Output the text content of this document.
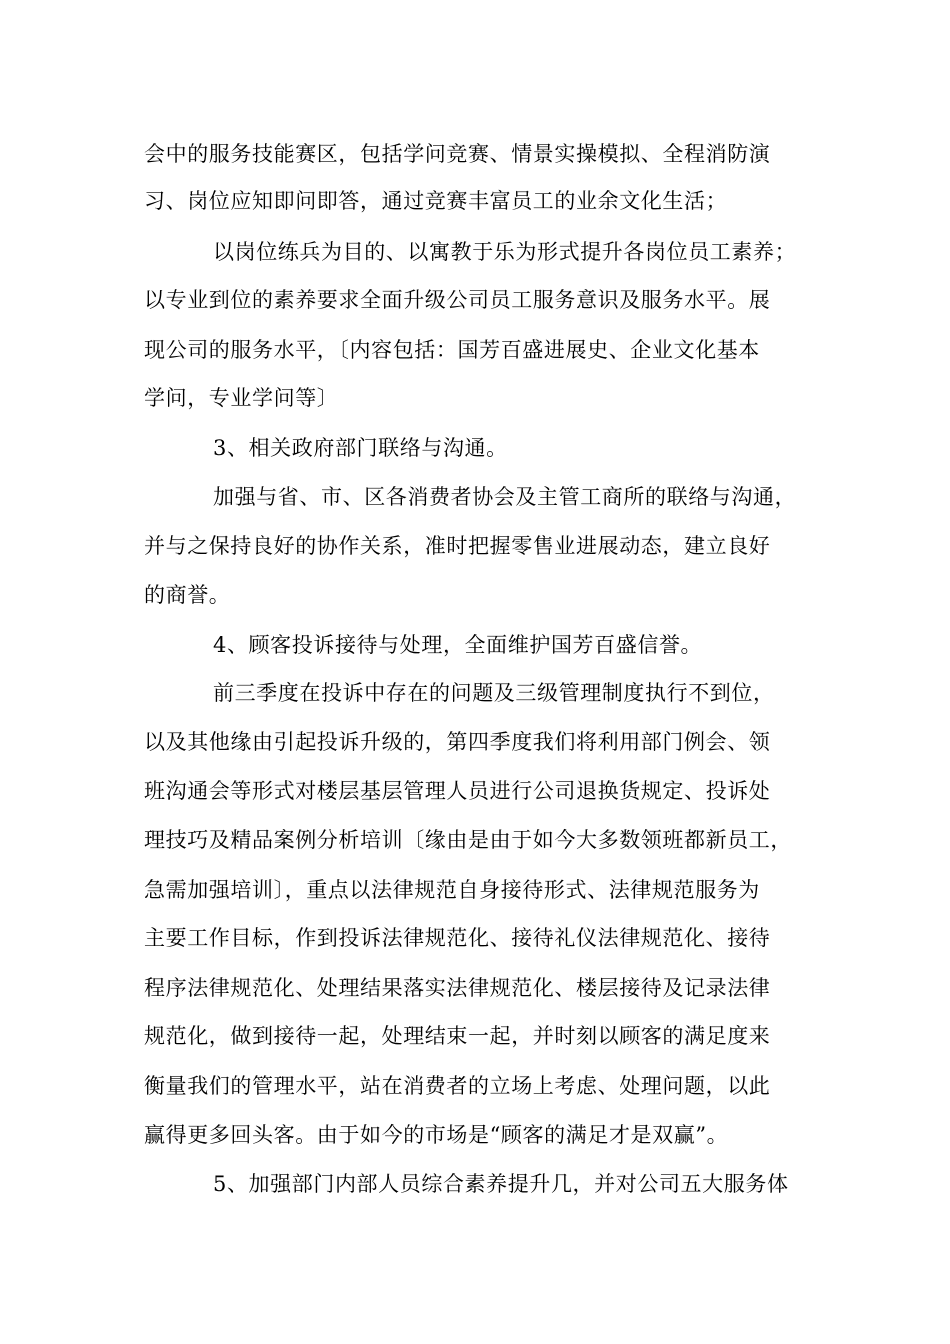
会中的服务技能赛区，包括学问竞赛、情景实操模拟、全程消防演
习、岗位应知即问即答，通过竞赛丰富员工的业余文化生活；
以岗位练兵为目的、以寓教于乐为形式提升各岗位员工素养；
以专业到位的素养要求全面升级公司员工服务意识及服务水平。展
现公司的服务水平，〔内容包括：国芳百盛进展史、企业文化基本
学问，专业学问等〕
3、相关政府部门联络与沟通。
加强与省、市、区各消费者协会及主管工商所的联络与沟通，
并与之保持良好的协作关系，准时把握零售业进展动态，建立良好
的商誉。
4、顾客投诉接待与处理，全面维护国芳百盛信誉。
前三季度在投诉中存在的问题及三级管理制度执行不到位，
以及其他缘由引起投诉升级的，第四季度我们将利用部门例会、领
班沟通会等形式对楼层基层管理人员进行公司退换货规定、投诉处
理技巧及精品案例分析培训〔缘由是由于如今大多数领班都新员工，
急需加强培训〕，重点以法律规范自身接待形式、法律规范服务为
主要工作目标，作到投诉法律规范化、接待礼仪法律规范化、接待
程序法律规范化、处理结果落实法律规范化、楼层接待及记录法律
规范化，做到接待一起，处理结束一起，并时刻以顾客的满足度来
衡量我们的管理水平，站在消费者的立场上考虑、处理问题，以此
赢得更多回头客。由于如今的市场是“顾客的满足才是双赢”。
5、加强部门内部人员综合素养提升几，并对公司五大服务体
